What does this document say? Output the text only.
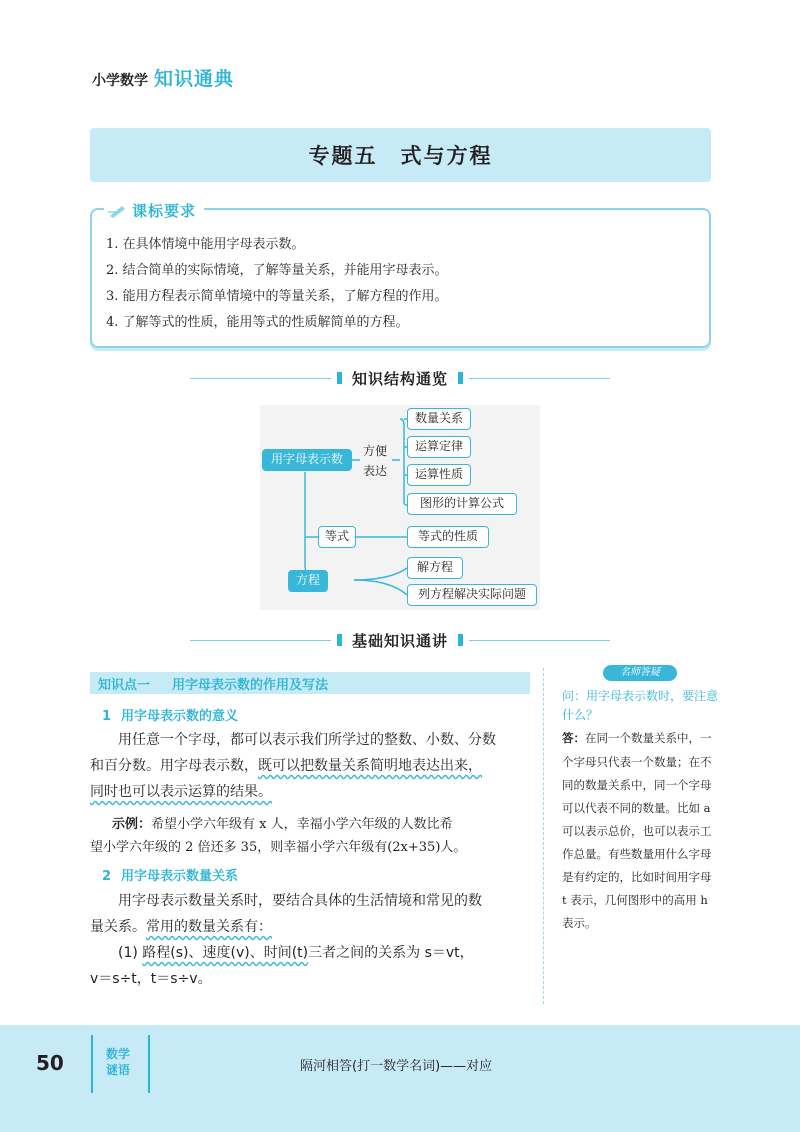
小学数学 知识通典
专题五　式与方程
课标要求
1. 在具体情境中能用字母表示数。
2. 结合简单的实际情境，了解等量关系，并能用字母表示。
3. 能用方程表示简单情境中的等量关系，了解方程的作用。
4. 了解等式的性质，能用等式的性质解简单的方程。
知识结构通览
用字母表示数
方便
表达
数量关系
运算定律
运算性质
图形的计算公式
等式	等式的性质
方程
解方程
列方程解决实际问题
基础知识通讲
知识点一	用字母表示数的作用及写法
1 用字母表示数的意义
用任意一个字母，都可以表示我们所学过的整数、小数、分数
和百分数。用字母表示数，既可以把数量关系简明地表达出来，
同时也可以表示运算的结果。
示例：希望小学六年级有 x 人，幸福小学六年级的人数比希
望小学六年级的 2 倍还多 35，则幸福小学六年级有(2x+35)人。
2 用字母表示数量关系
用字母表示数量关系时，要结合具体的生活情境和常见的数
量关系。常用的数量关系有：
(1) 路程(s)、速度(v)、时间(t)三者之间的关系为 s＝vt，
v＝s÷t，t＝s÷v。
名师答疑
问：用字母表示数时，要注意什么？
答：在同一个数量关系中，一个字母只代表一个数量；在不同的数量关系中，同一个字母可以代表不同的数量。比如 a 可以表示总价，也可以表示工作总量。有些数量用什么字母是有约定的，比如时间用字母 t 表示，几何图形中的高用 h 表示。
50	数学
谜语	隔河相答(打一数学名词)——对应
